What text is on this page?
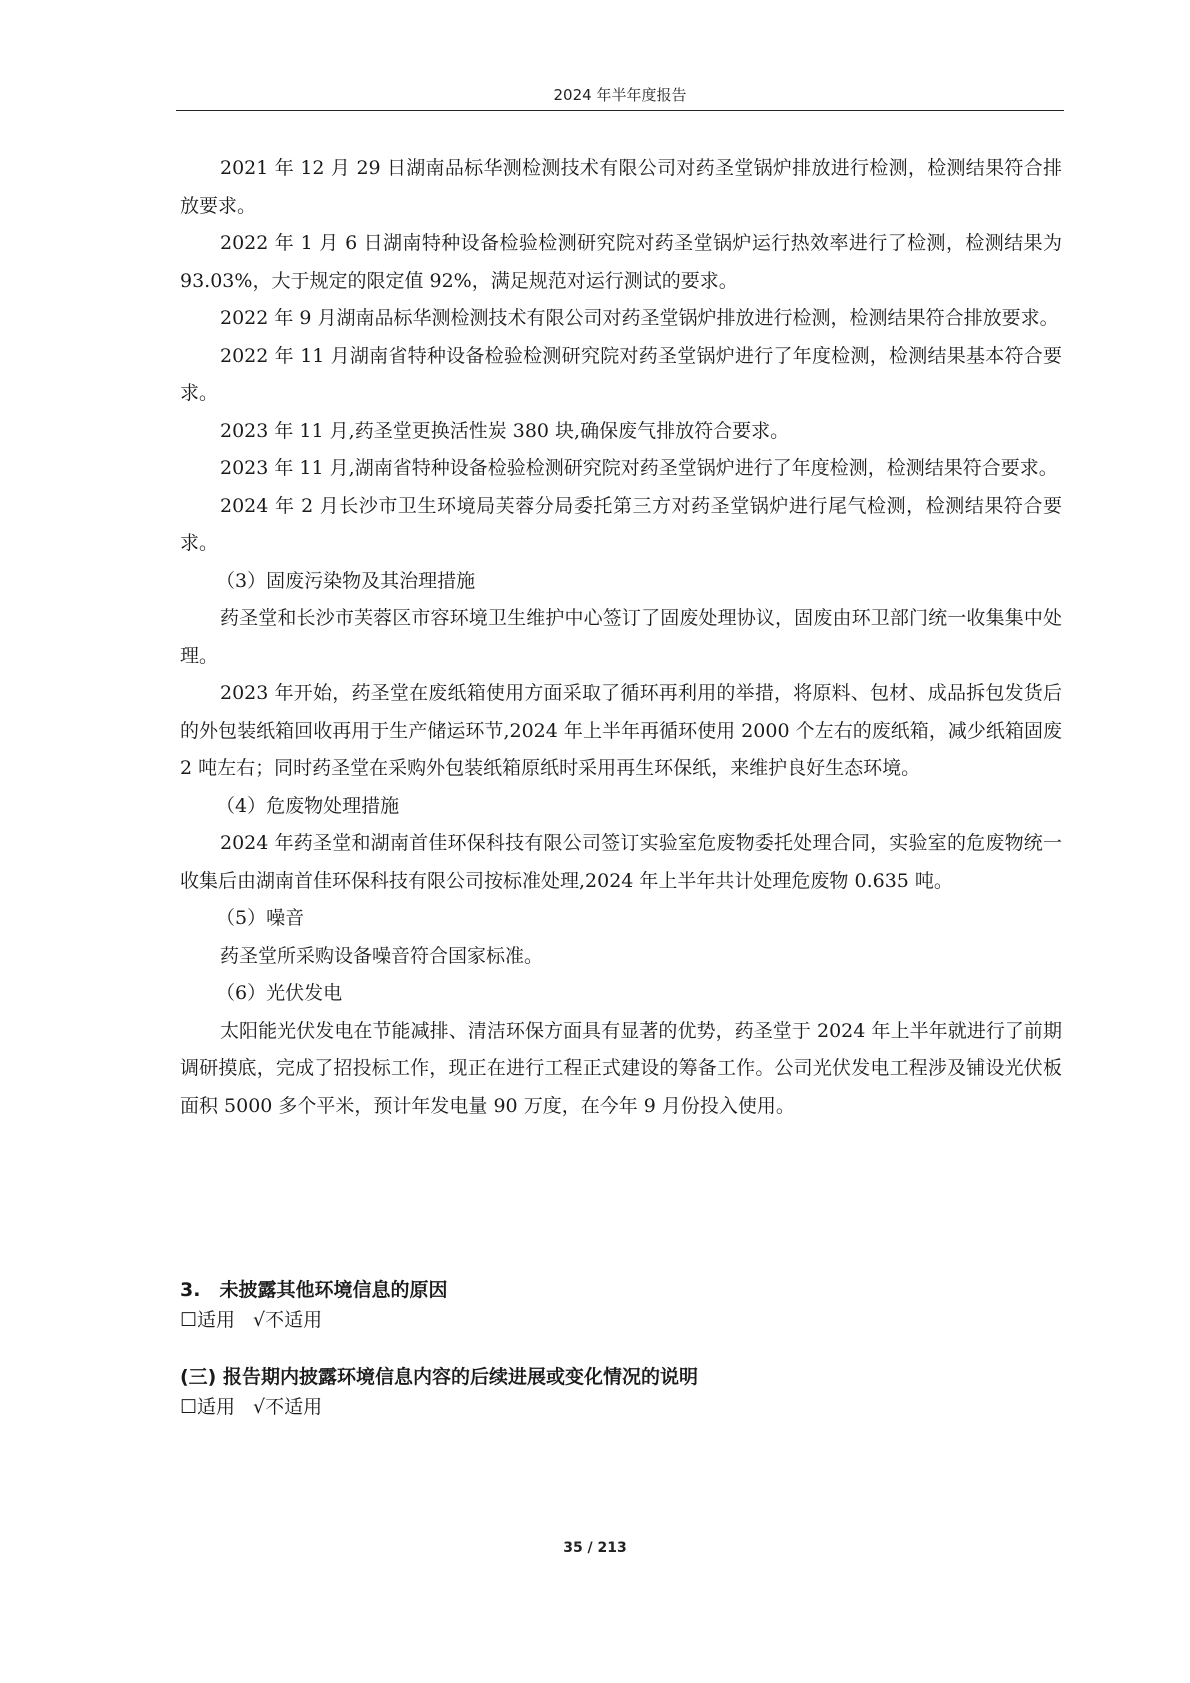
2024 年半年度报告

2021 年 12 月 29 日湖南品标华测检测技术有限公司对药圣堂锅炉排放进行检测，检测结果符合排放要求。

2022 年 1 月 6 日湖南特种设备检验检测研究院对药圣堂锅炉运行热效率进行了检测，检测结果为 93.03%，大于规定的限定值 92%，满足规范对运行测试的要求。

2022 年 9 月湖南品标华测检测技术有限公司对药圣堂锅炉排放进行检测，检测结果符合排放要求。

2022 年 11 月湖南省特种设备检验检测研究院对药圣堂锅炉进行了年度检测，检测结果基本符合要求。

2023 年 11 月,药圣堂更换活性炭 380 块,确保废气排放符合要求。

2023 年 11 月,湖南省特种设备检验检测研究院对药圣堂锅炉进行了年度检测，检测结果符合要求。

2024 年 2 月长沙市卫生环境局芙蓉分局委托第三方对药圣堂锅炉进行尾气检测，检测结果符合要求。

（3）固废污染物及其治理措施

药圣堂和长沙市芙蓉区市容环境卫生维护中心签订了固废处理协议，固废由环卫部门统一收集集中处理。

2023 年开始，药圣堂在废纸箱使用方面采取了循环再利用的举措，将原料、包材、成品拆包发货后的外包装纸箱回收再用于生产储运环节,2024 年上半年再循环使用 2000 个左右的废纸箱，减少纸箱固废 2 吨左右；同时药圣堂在采购外包装纸箱原纸时采用再生环保纸，来维护良好生态环境。

（4）危废物处理措施

2024 年药圣堂和湖南首佳环保科技有限公司签订实验室危废物委托处理合同，实验室的危废物统一收集后由湖南首佳环保科技有限公司按标准处理,2024 年上半年共计处理危废物 0.635 吨。

（5）噪音

药圣堂所采购设备噪音符合国家标准。

（6）光伏发电

太阳能光伏发电在节能减排、清洁环保方面具有显著的优势，药圣堂于 2024 年上半年就进行了前期调研摸底，完成了招投标工作，现正在进行工程正式建设的筹备工作。公司光伏发电工程涉及铺设光伏板面积 5000 多个平米，预计年发电量 90 万度，在今年 9 月份投入使用。

3.　未披露其他环境信息的原因
☐适用 √不适用
(三) 报告期内披露环境信息内容的后续进展或变化情况的说明
☐适用 √不适用
35 / 213
